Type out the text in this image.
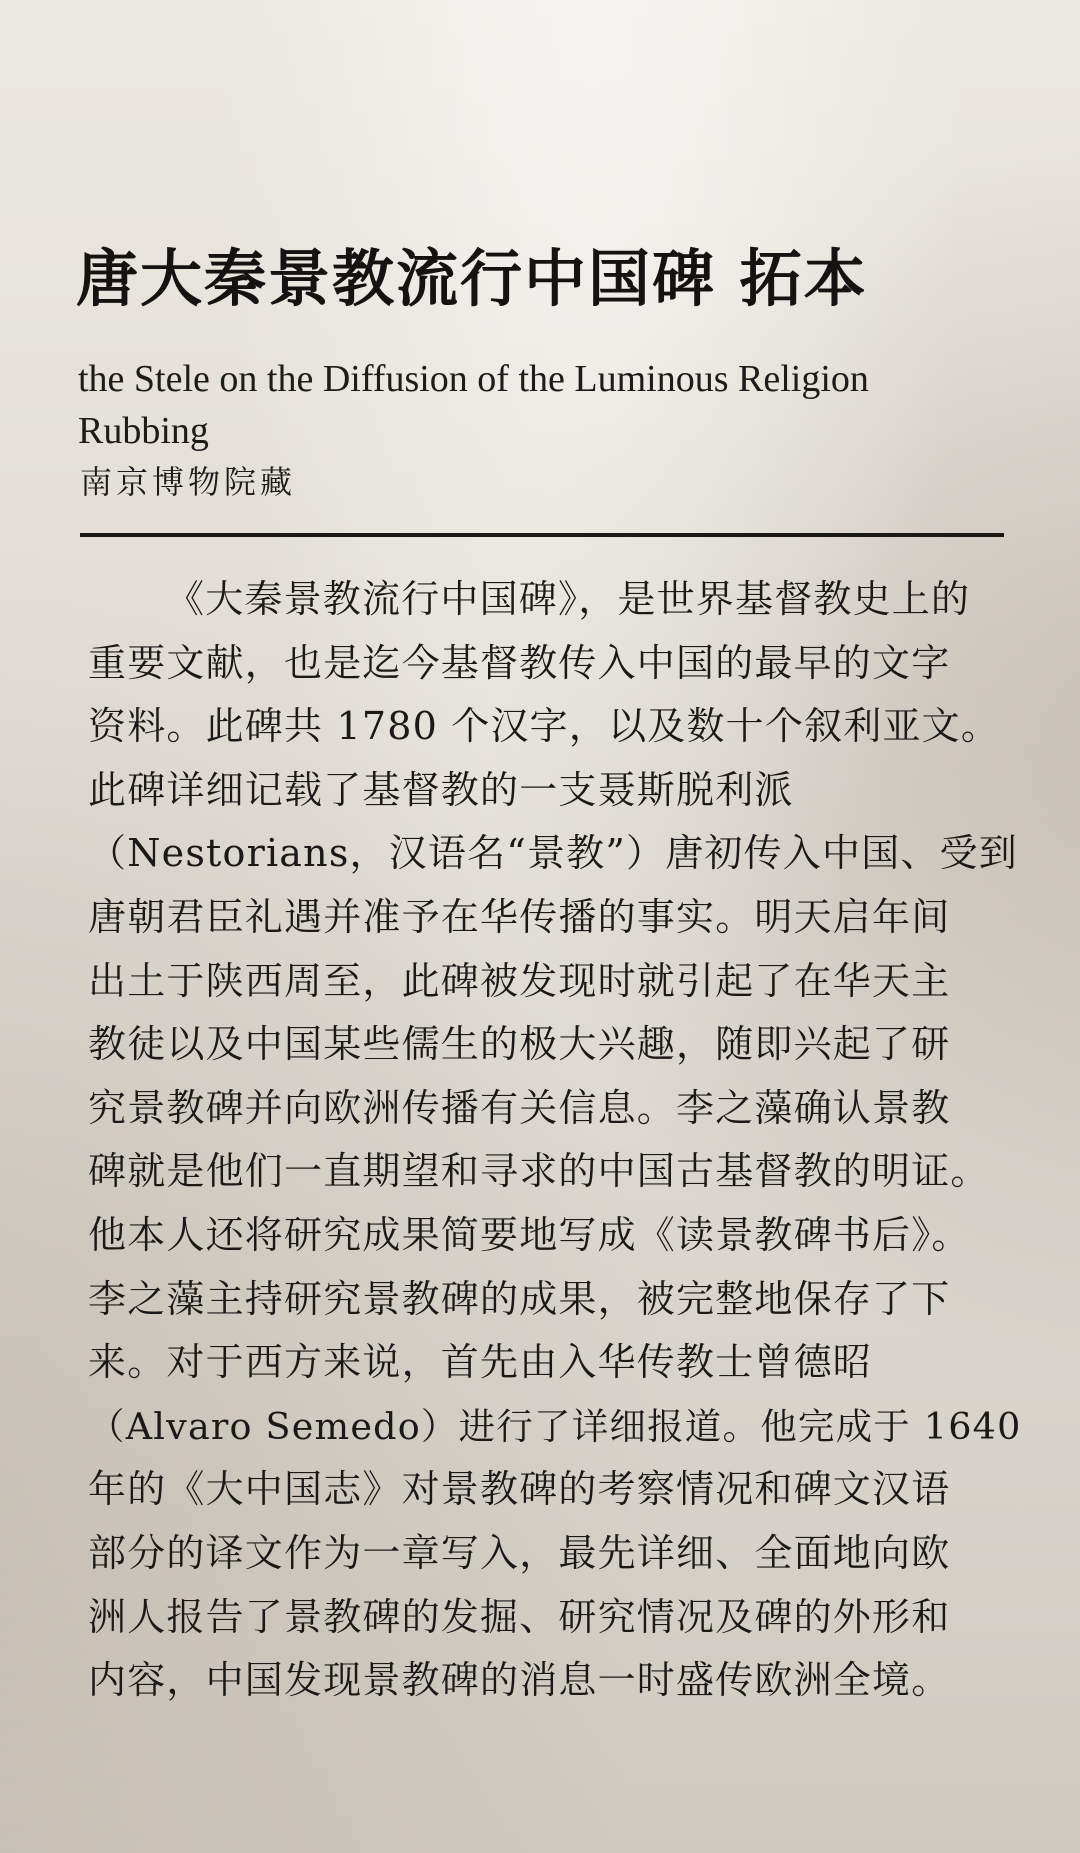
唐大秦景教流行中国碑 拓本

the Stele on the Diffusion of the Luminous Religion Rubbing

南京博物院藏

《大秦景教流行中国碑》，是世界基督教史上的
重要文献，也是迄今基督教传入中国的最早的文字
资料。此碑共 1780 个汉字，以及数十个叙利亚文。
此碑详细记载了基督教的一支聂斯脱利派
（Nestorians，汉语名“景教”）唐初传入中国、受到
唐朝君臣礼遇并准予在华传播的事实。明天启年间
出土于陕西周至，此碑被发现时就引起了在华天主
教徒以及中国某些儒生的极大兴趣，随即兴起了研
究景教碑并向欧洲传播有关信息。李之藻确认景教
碑就是他们一直期望和寻求的中国古基督教的明证。
他本人还将研究成果简要地写成《读景教碑书后》。
李之藻主持研究景教碑的成果，被完整地保存了下
来。对于西方来说，首先由入华传教士曾德昭
（Alvaro Semedo）进行了详细报道。他完成于 1640
年的《大中国志》对景教碑的考察情况和碑文汉语
部分的译文作为一章写入，最先详细、全面地向欧
洲人报告了景教碑的发掘、研究情况及碑的外形和
内容，中国发现景教碑的消息一时盛传欧洲全境。
